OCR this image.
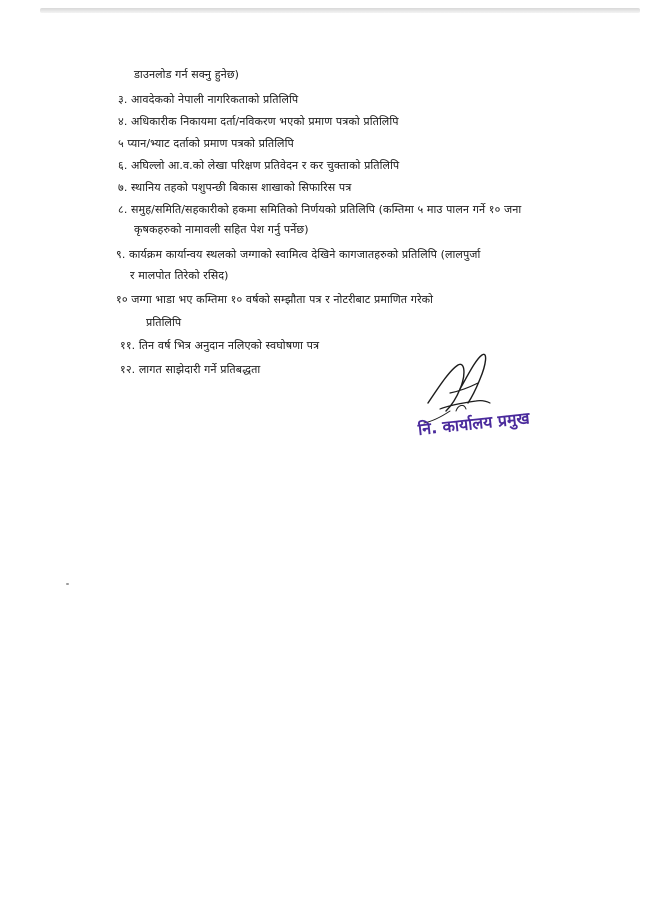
डाउनलोड गर्न सक्नु हुनेछ)
३. आवदेकको नेपाली नागरिकताको प्रतिलिपि
४. अधिकारीक निकायमा दर्ता/नविकरण भएको प्रमाण पत्रको प्रतिलिपि
५ प्यान/भ्याट दर्ताको प्रमाण पत्रको प्रतिलिपि
६. अघिल्लो आ.व.को लेखा परिक्षण प्रतिवेदन र कर चुक्ताको प्रतिलिपि
७. स्थानिय तहको पशुपन्छी बिकास शाखाको सिफारिस पत्र
८. समुह/समिति/सहकारीको हकमा समितिको निर्णयको प्रतिलिपि (कम्तिमा ५ माउ पालन गर्ने १० जना
कृषकहरुको नामावली सहित पेश गर्नु पर्नेछ)
९. कार्यक्रम कार्यान्वय स्थलको जग्गाको स्वामित्व देखिने कागजातहरुको प्रतिलिपि (लालपुर्जा
र मालपोत तिरेको रसिद)
१० जग्गा भाडा भए कम्तिमा १० वर्षको सम्झौता पत्र र नोटरीबाट प्रमाणित गरेको
प्रतिलिपि
११. तिन वर्ष भित्र अनुदान नलिएको स्वघोषणा पत्र
१२. लागत साझेदारी गर्ने प्रतिबद्धता
नि. कार्यालय प्रमुख
